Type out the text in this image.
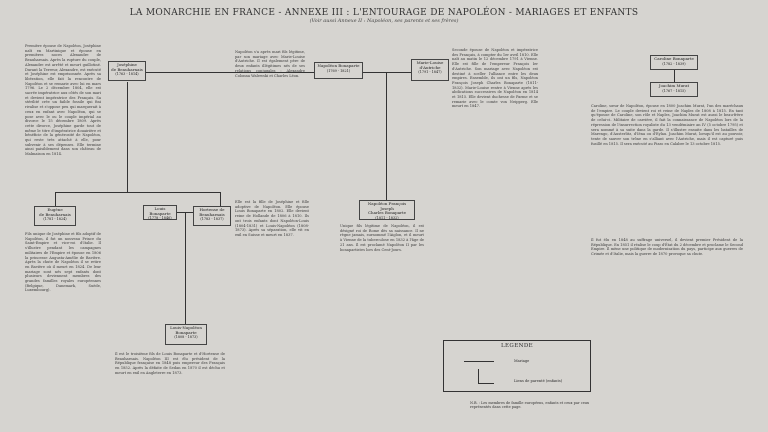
LA MONARCHIE EN FRANCE - ANNEXE III : L'ENTOURAGE DE NAPOLÉON - MARIAGES ET ENFANTS
(Voir aussi Annexe II : Napoléon, ses parents et ses frères)
Joséphine
de Beauharnais
(1763 - 1814)
Napoléon Bonaparte
(1769 - 1821)
Marie-Louise
d'Autriche
(1791 - 1847)
Caroline Bonaparte
(1782 - 1839)
Joachim Murat
(1767 - 1815)
Eugène
de Beauharnais
(1781 - 1824)
Louis Bonaparte
(1778 - 1846)
Hortense de
Beauharnais
(1783 - 1837)
Napoléon François Joseph
Charles Bonaparte
(1811 - 1832)
Louis-Napoléon
Bonaparte
(1808 - 1873)
Première épouse de Napoléon, Joséphine naît en Martinique et épouse en premières noces Alexandre de Beauharnais. Après la rupture du couple, Alexandre est arrêté et meurt guillotiné. Durant la Terreur, Alexandre, est exécuté et Joséphine est emprisonnée. Après sa libération, elle fait la rencontre de Napoléon et se remarie avec lui en mars 1796. Le 2 décembre 1804, elle est sacrée impératrice aux côtés de son mari et devient impératrice des Français. Sa stérilité crée un faible fossile qui fini rivalise et s'oppose peu qui marquerait à ceux en enfant avec Napoléon, qui se pose avec le ou le couple impérial au divorce le 15 décembre 1809. Après cette divorce, Joséphine garde tout de même le titre d'impératrice douairière et bénéficie de la générosité de Napoléon, qui reste très attaché à elle, pour subvenir à ses dépenses. Elle termine ainsi paisiblement dans son château de Malmaison en 1814.
Napoléon s'a après mari fils légitime, par son mariage avec Marie-Louise d'Autriche. Il est également père de deux enfants illégitimes nés de ses relations conjugales : Alexandre Colonna Walewski et Charles Léon.
Seconde épouse de Napoléon et impératrice des Français, à compter du 1er avril 1810. Elle naît au matin le 12 décembre 1791 à Vienne. Elle est fille de l'empereur François Ier d'Autriche. Son mariage avec Napoléon est destiné à sceller l'alliance entre les deux empires. Ensemble, ils ont un fils, Napoléon François Joseph Charles Bonaparte (1811-1832). Marie-Louise rentre à Vienne après les abdications successives de Napoléon en 1814 et 1815. Elle devient duchesse de Parme et se remarie avec le comte von Neipperg. Elle meurt en 1847.	Caroline, sœur de Napoléon, épouse en 1800 Joachim Murat, l'un des maréchaux de l'empire. Le couple devient roi et reine de Naples de 1808 à 1815. En tant qu'épouse de Caroline, son rôle et Naples, Joachim Murat est aussi le beau-frère de celui-ci. Militaire de carrière, il fait la connaissance de Napoléon lors de la répression de l'insurrection royaliste du 13 vendémiaire an IV (5 octobre 1795) et sera nommé à sa suite dans la garde. Il s'illustre ensuite dans les batailles de Marengo, d'Austerlitz, d'Iéna ou d'Eylau. Joachim Murat, lorsqu'il est au pouvoir, tente de sauver son trône en s'alliant avec l'Autriche, mais il est capturé puis fusillé en 1815. Il sera exécuté au Pizzo en Calabre le 13 octobre 1815.
Fils unique de Joséphine et fils adoptif de Napoléon, il fut un nouveau Prince du Saint-Empire et vice-roi d'Italie. Il s'illustre pendant les campagnes militaires de l'Empire et épouse en 1806 la princesse Augusta-Amélie de Bavière. Après la chute de Napoléon il se retire en Bavière où il meurt en 1824. De leur mariage sont nés sept enfants dont plusieurs deviennent membres des grandes familles royales européennes (Belgique, Danemark, Suède, Luxembourg).
Elle est la fille de Joséphine et fille adoptive de Napoléon. Elle épouse Louis Bonaparte en 1802. Elle devient reine de Hollande de 1806 à 1810. Ils ont trois enfants dont Napoléon-Louis (1804-1831) et Louis-Napoléon (1808-1873). Après sa séparation, elle vit en exil en Suisse et meurt en 1837.
Unique fils légitime de Napoléon, il est désigné roi de Rome dès sa naissance. Il ne règne jamais, surnommé l'Aiglon, et il meurt à Vienne de la tuberculose en 1832 à l'âge de 21 ans. Il est proclamé Napoléon II par les bonapartistes lors des Cent-Jours.
Il est le troisième fils de Louis Bonaparte et d'Hortense de Beauharnais. Napoléon III est élu président de la République française en 1848 puis empereur des Français en 1852. Après la défaite de Sedan en 1870 il est déchu et meurt en exil en Angleterre en 1873.
Il fut élu en 1848 au suffrage universel, il devient premier Président de la République. En 1851 il réalise le coup d'État du 2 décembre et proclame le Second Empire. Il mène une politique de modernisation du pays, participe aux guerres de Crimée et d'Italie, mais la guerre de 1870 provoque sa chute.
LEGENDE
Mariage
Liens de parenté (enfants)
N.B. : Les membres de famille européens, enfants et ceux par ceux représentés dans cette page.
